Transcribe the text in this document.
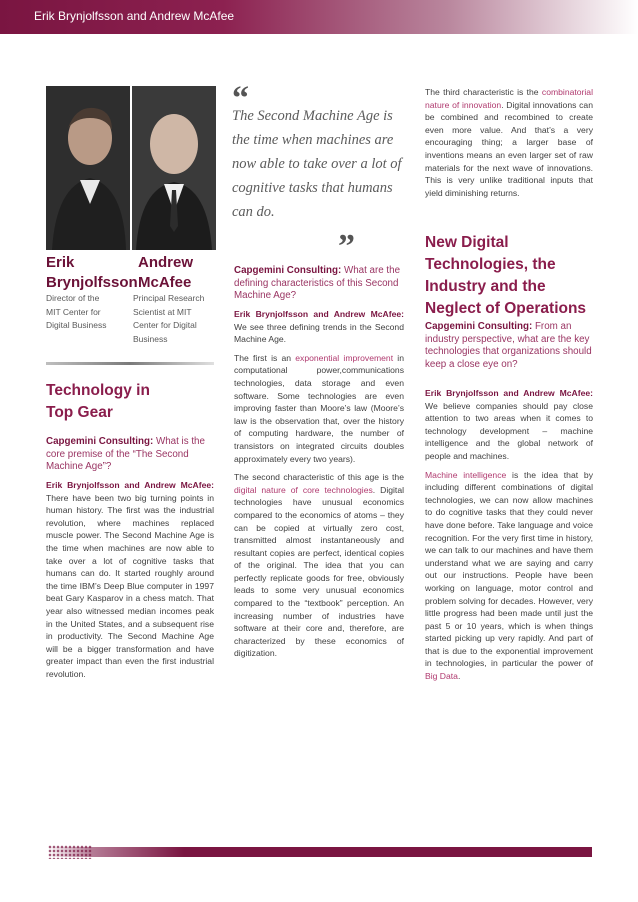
Erik Brynjolfsson and Andrew McAfee
Erik
Brynjolfsson
Andrew
McAfee
Director of the
MIT Center for
Digital Business
Principal Research
Scientist at MIT
Center for Digital
Business
Technology in
Top Gear
Capgemini Consulting: What is the core premise of the “The Second Machine Age”?

Erik Brynjolfsson and Andrew McAfee: There have been two big turning points in human history. The first was the industrial revolution, where machines replaced muscle power. The Second Machine Age is the time when machines are now able to take over a lot of cognitive tasks that humans can do. It started roughly around the time IBM’s Deep Blue computer in 1997 beat Gary Kasparov in a chess match. That year also witnessed median incomes peak in the United States, and a subsequent rise in productivity. The Second Machine Age will be a bigger transformation and have greater impact than even the first industrial revolution.

“
The Second Machine Age is the time when machines are now able to take over a lot of cognitive tasks that humans can do.
”
Capgemini Consulting: What are the defining characteristics of this Second Machine Age?

Erik Brynjolfsson and Andrew McAfee: We see three defining trends in the Second Machine Age.

The first is an exponential improvement in computational power,communications technologies, data storage and even software. Some technologies are even improving faster than Moore’s law (Moore’s law is the observation that, over the history of computing hardware, the number of transistors on integrated circuits doubles approximately every two years).

The second characteristic of this age is the digital nature of core technologies. Digital technologies have unusual economics compared to the economics of atoms – they can be copied at virtually zero cost, transmitted almost instantaneously and resultant copies are perfect, identical copies of the original. The idea that you can perfectly replicate goods for free, obviously leads to some very unusual economics compared to the “textbook” perception. An increasing number of industries have software at their core and, therefore, are characterized by these economics of digitization.

The third characteristic is the combinatorial nature of innovation. Digital innovations can be combined and recombined to create even more value. And that’s a very encouraging thing; a larger base of inventions means an even larger set of raw materials for the next wave of innovations. This is very unlike traditional inputs that yield diminishing returns.

New Digital
Technologies, the
Industry and the
Neglect of Operations
Capgemini Consulting: From an industry perspective, what are the key technologies that organizations should keep a close eye on?

Erik Brynjolfsson and Andrew McAfee: We believe companies should pay close attention to two areas when it comes to technology development – machine intelligence and the global network of people and machines.

Machine intelligence is the idea that by including different combinations of digital technologies, we can now allow machines to do cognitive tasks that they could never have done before. Take language and voice recognition. For the very first time in history, we can talk to our machines and have them understand what we are saying and carry out our instructions. People have been working on language, motor control and problem solving for decades. However, very little progress had been made until just the past 5 or 10 years, which is when things started picking up very rapidly. And part of that is due to the exponential improvement in technologies, in particular the power of Big Data.
